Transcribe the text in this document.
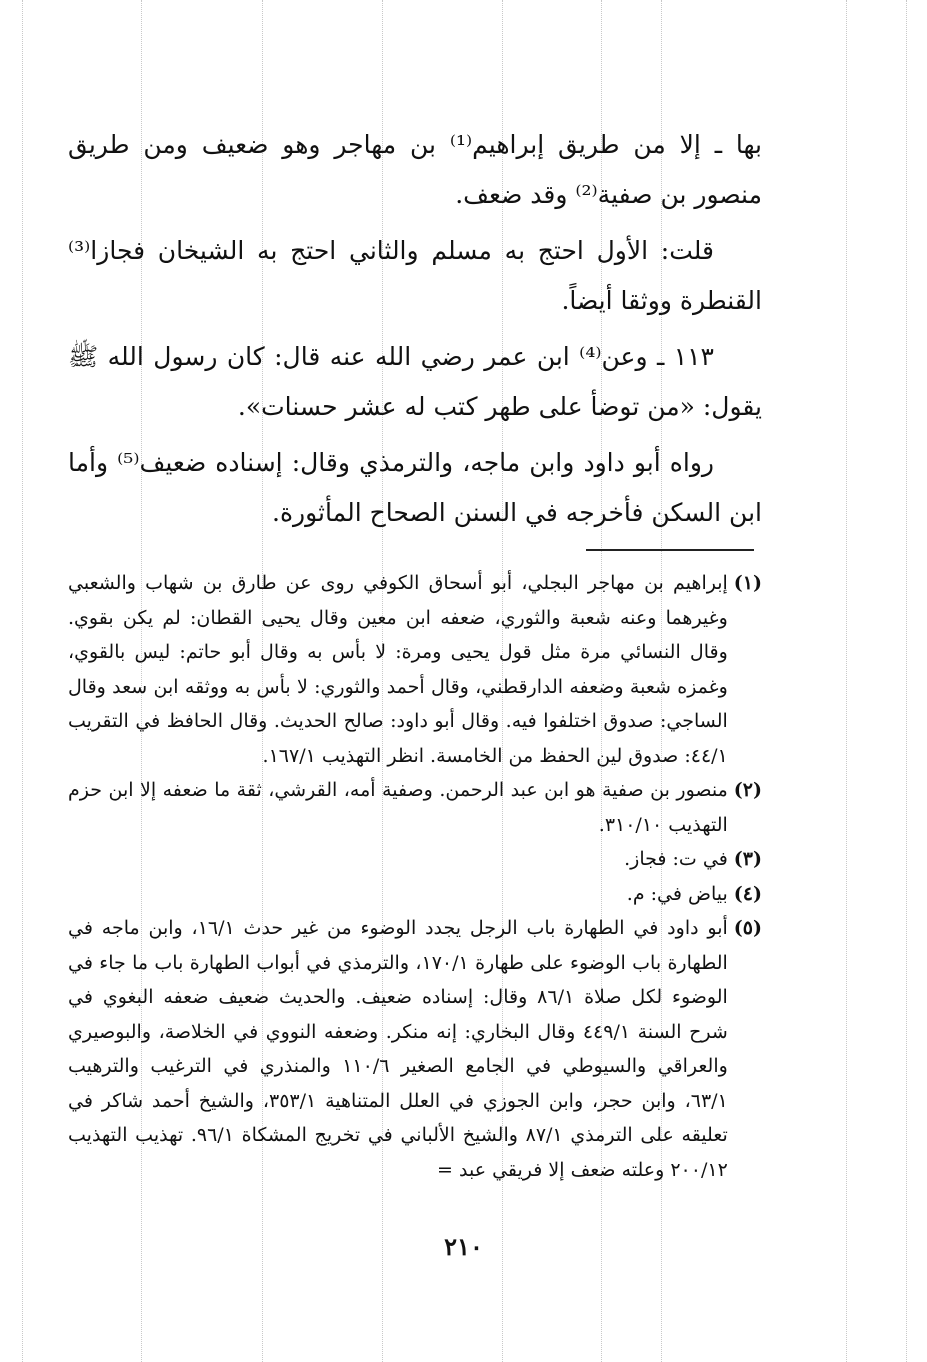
بها ـ إلا من طريق إبراهيم⁽¹⁾ بن مهاجر وهو ضعيف ومن طريق منصور بن صفية⁽²⁾ وقد ضعف.

قلت: الأول احتج به مسلم والثاني احتج به الشيخان فجازا⁽³⁾ القنطرة ووثقا أيضاً.

١١٣ ـ وعن⁽⁴⁾ ابن عمر رضي الله عنه قال: كان رسول الله ﷺ يقول: «من توضأ على طهر كتب له عشر حسنات».

رواه أبو داود وابن ماجه، والترمذي وقال: إسناده ضعيف⁽⁵⁾ وأما ابن السكن فأخرجه في السنن الصحاح المأثورة.

(١)
إبراهيم بن مهاجر البجلي، أبو أسحاق الكوفي روى عن طارق بن شهاب والشعبي وغيرهما وعنه شعبة والثوري، ضعفه ابن معين وقال يحيى القطان: لم يكن بقوي. وقال النسائي مرة مثل قول يحيى ومرة: لا بأس به وقال أبو حاتم: ليس بالقوي، وغمزه شعبة وضعفه الدارقطني، وقال أحمد والثوري: لا بأس به ووثقه ابن سعد وقال الساجي: صدوق اختلفوا فيه. وقال أبو داود: صالح الحديث. وقال الحافظ في التقريب ٤٤/١: صدوق لين الحفظ من الخامسة. انظر التهذيب ١٦٧/١.
(٢)
منصور بن صفية هو ابن عبد الرحمن. وصفية أمه، القرشي، ثقة ما ضعفه إلا ابن حزم التهذيب ٣١٠/١٠.
(٣)
في ت: فجاز.
(٤)
بياض في: م.
(٥)
أبو داود في الطهارة باب الرجل يجدد الوضوء من غير حدث ١٦/١، وابن ماجه في الطهارة باب الوضوء على طهارة ١٧٠/١، والترمذي في أبواب الطهارة باب ما جاء في الوضوء لكل صلاة ٨٦/١ وقال: إسناده ضعيف. والحديث ضعيف ضعفه البغوي في شرح السنة ٤٤٩/١ وقال البخاري: إنه منكر. وضعفه النووي في الخلاصة، والبوصيري والعراقي والسيوطي في الجامع الصغير ١١٠/٦ والمنذري في الترغيب والترهيب ٦٣/١، وابن حجر، وابن الجوزي في العلل المتناهية ٣٥٣/١، والشيخ أحمد شاكر في تعليقه على الترمذي ٨٧/١ والشيخ الألباني في تخريج المشكاة ٩٦/١. تهذيب التهذيب ٢٠٠/١٢ وعلته ضعف إلا فريقي عبد =
٢١٠
